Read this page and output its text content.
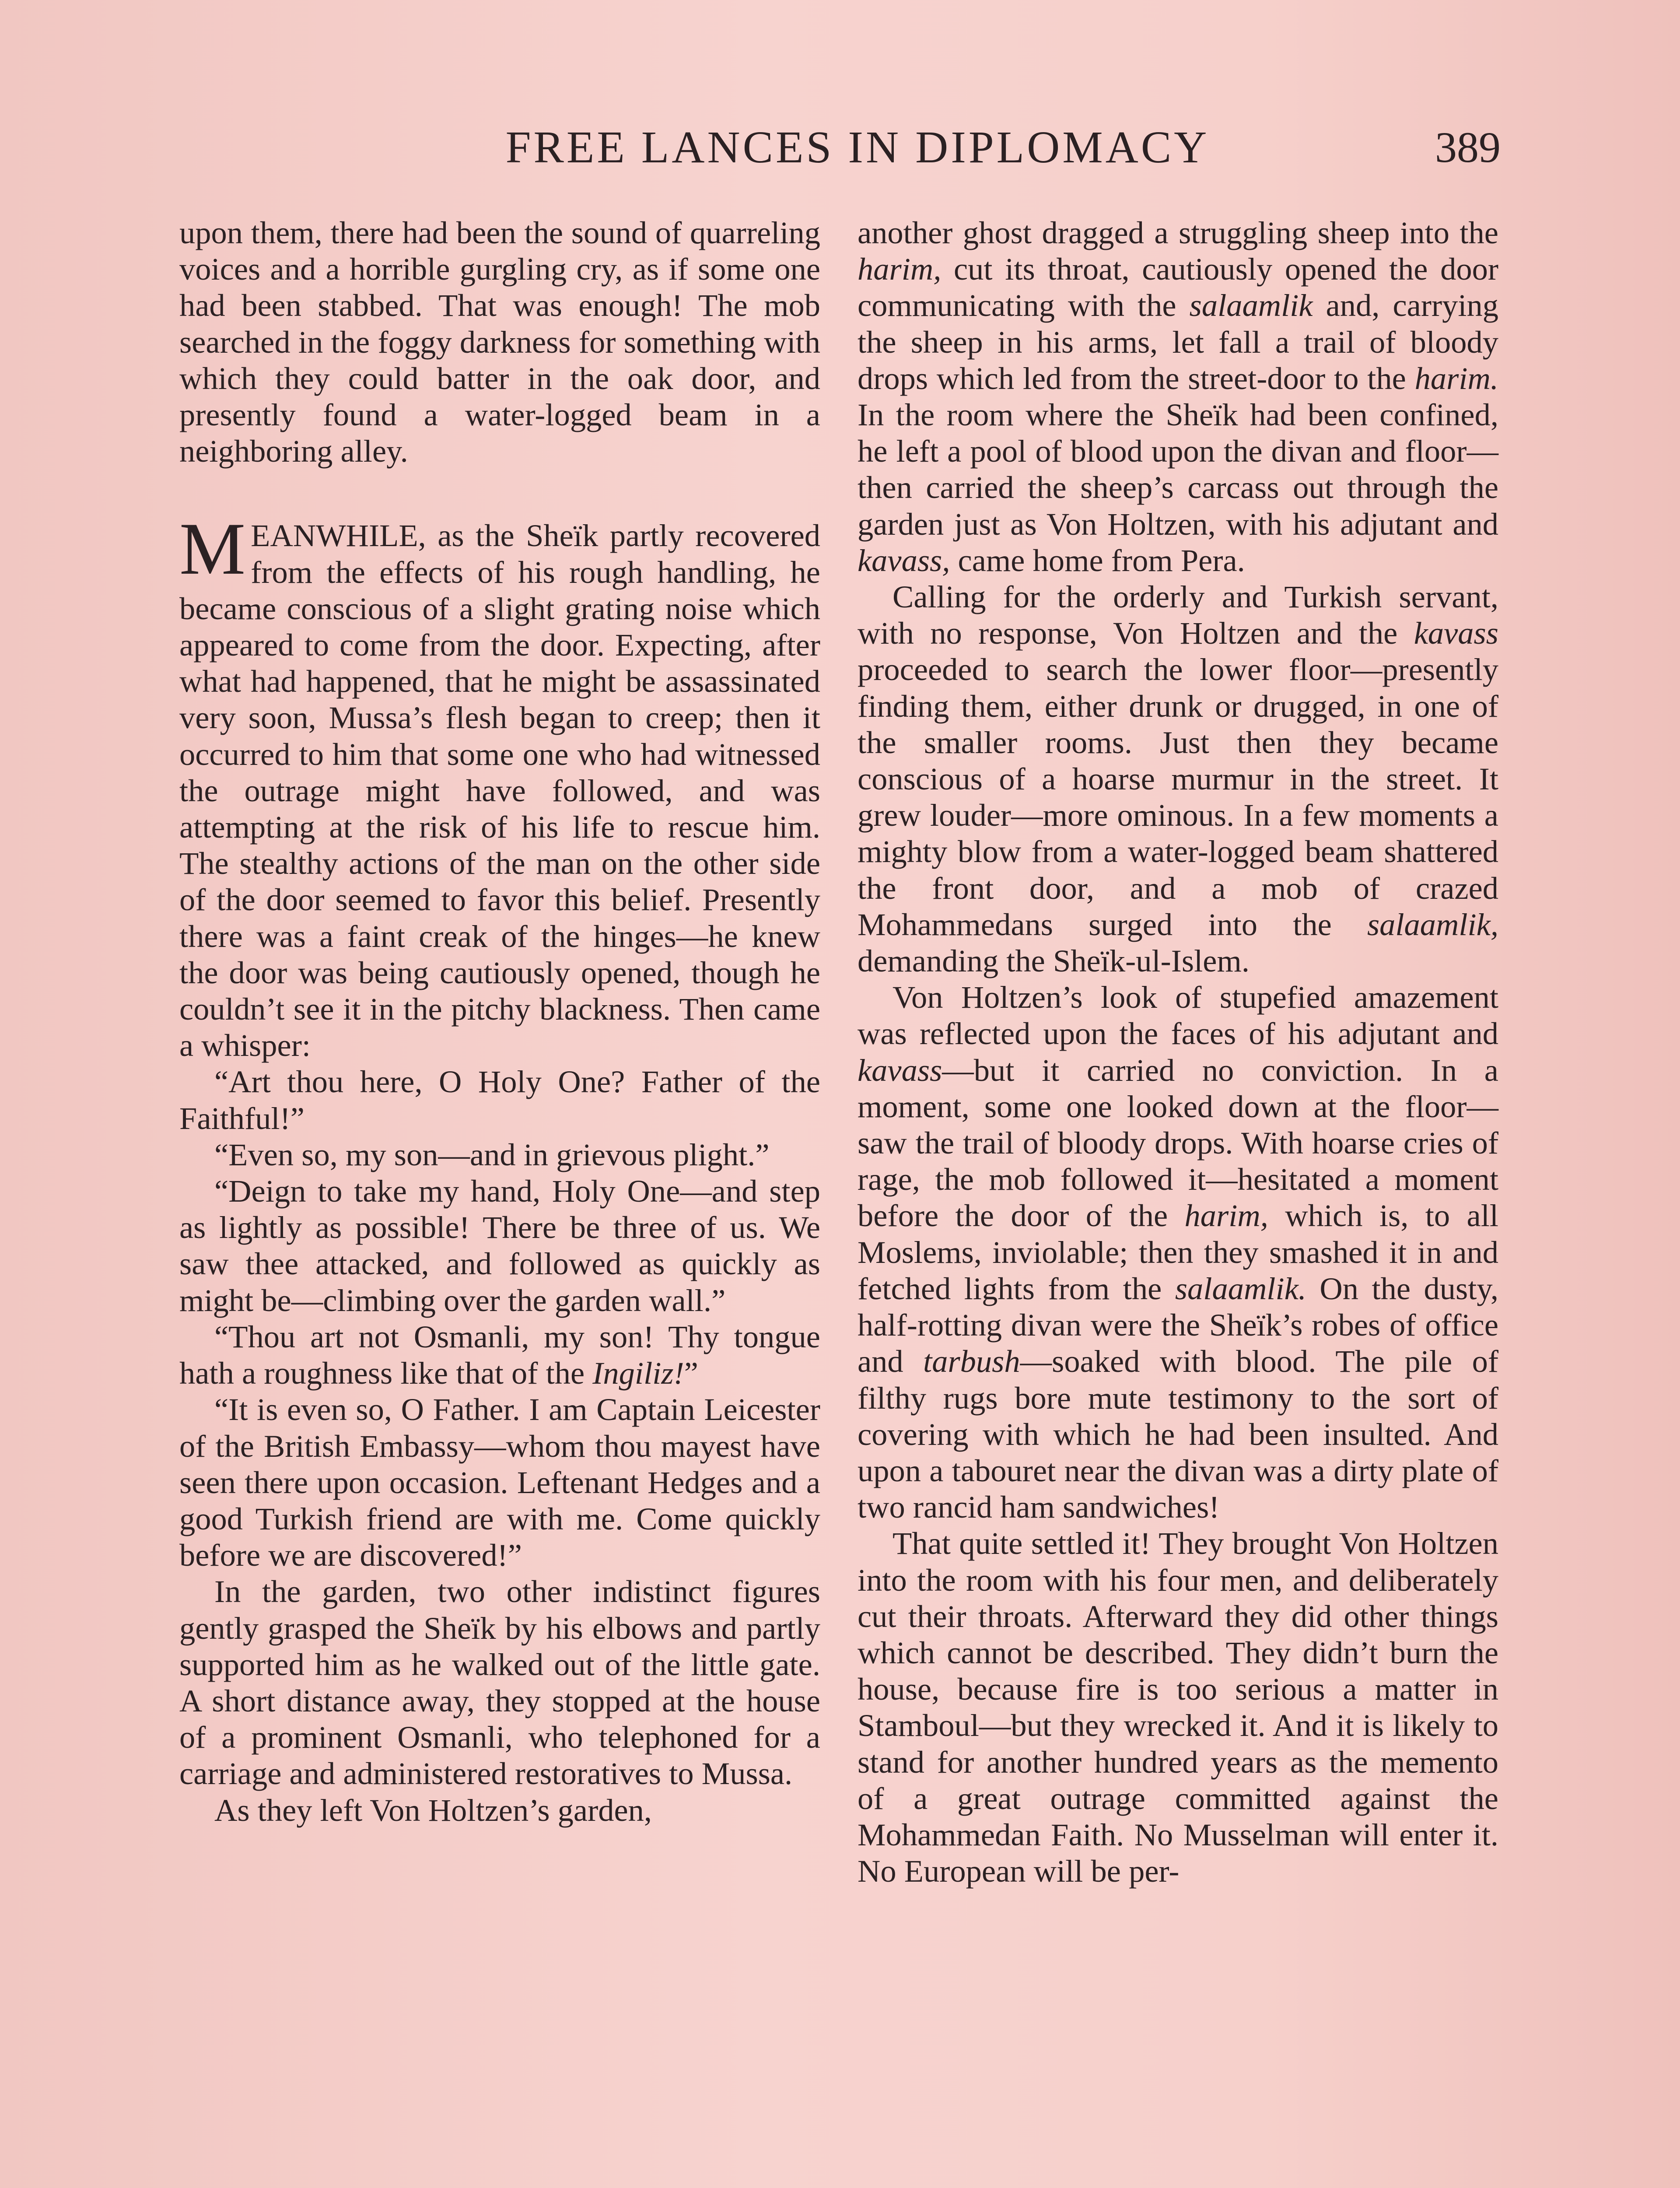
FREE LANCES IN DIPLOMACY	389

upon them, there had been the sound of quarreling voices and a horrible gurgling cry, as if some one had been stabbed. That was enough! The mob searched in the foggy darkness for something with which they could batter in the oak door, and presently found a water-logged beam in a neighboring alley.

MEANWHILE, as the Sheïk partly recovered from the effects of his rough handling, he became conscious of a slight grating noise which appeared to come from the door. Expecting, after what had happened, that he might be assassinated very soon, Mussa’s flesh began to creep; then it occurred to him that some one who had witnessed the outrage might have followed, and was attempting at the risk of his life to rescue him. The stealthy actions of the man on the other side of the door seemed to favor this belief. Presently there was a faint creak of the hinges—he knew the door was being cautiously opened, though he couldn’t see it in the pitchy blackness. Then came a whisper:

“Art thou here, O Holy One? Father of the Faithful!”

“Even so, my son—and in grievous plight.”

“Deign to take my hand, Holy One—and step as lightly as possible! There be three of us. We saw thee attacked, and followed as quickly as might be—climbing over the garden wall.”

“Thou art not Osmanli, my son! Thy tongue hath a roughness like that of the Ingiliz!”

“It is even so, O Father. I am Captain Leicester of the British Embassy—whom thou mayest have seen there upon occasion. Leftenant Hedges and a good Turkish friend are with me. Come quickly before we are discovered!”

In the garden, two other indistinct figures gently grasped the Sheïk by his elbows and partly supported him as he walked out of the little gate. A short distance away, they stopped at the house of a prominent Osmanli, who telephoned for a carriage and administered restoratives to Mussa.

As they left Von Holtzen’s garden,

another ghost dragged a struggling sheep into the harim, cut its throat, cautiously opened the door communicating with the salaamlik and, carrying the sheep in his arms, let fall a trail of bloody drops which led from the street-door to the harim. In the room where the Sheïk had been confined, he left a pool of blood upon the divan and floor—then carried the sheep’s carcass out through the garden just as Von Holtzen, with his adjutant and kavass, came home from Pera.

Calling for the orderly and Turkish servant, with no response, Von Holtzen and the kavass proceeded to search the lower floor—presently finding them, either drunk or drugged, in one of the smaller rooms. Just then they became conscious of a hoarse murmur in the street. It grew louder—more ominous. In a few moments a mighty blow from a water-logged beam shattered the front door, and a mob of crazed Mohammedans surged into the salaamlik, demanding the Sheïk-ul-Islem.

Von Holtzen’s look of stupefied amazement was reflected upon the faces of his adjutant and kavass—but it carried no conviction. In a moment, some one looked down at the floor—saw the trail of bloody drops. With hoarse cries of rage, the mob followed it—hesitated a moment before the door of the harim, which is, to all Moslems, inviolable; then they smashed it in and fetched lights from the salaamlik. On the dusty, half-rotting divan were the Sheïk’s robes of office and tarbush—soaked with blood. The pile of filthy rugs bore mute testimony to the sort of covering with which he had been insulted. And upon a tabouret near the divan was a dirty plate of two rancid ham sandwiches!

That quite settled it! They brought Von Holtzen into the room with his four men, and deliberately cut their throats. Afterward they did other things which cannot be described. They didn’t burn the house, because fire is too serious a matter in Stamboul—but they wrecked it. And it is likely to stand for another hundred years as the memento of a great outrage committed against the Mohammedan Faith. No Musselman will enter it. No European will be per-
